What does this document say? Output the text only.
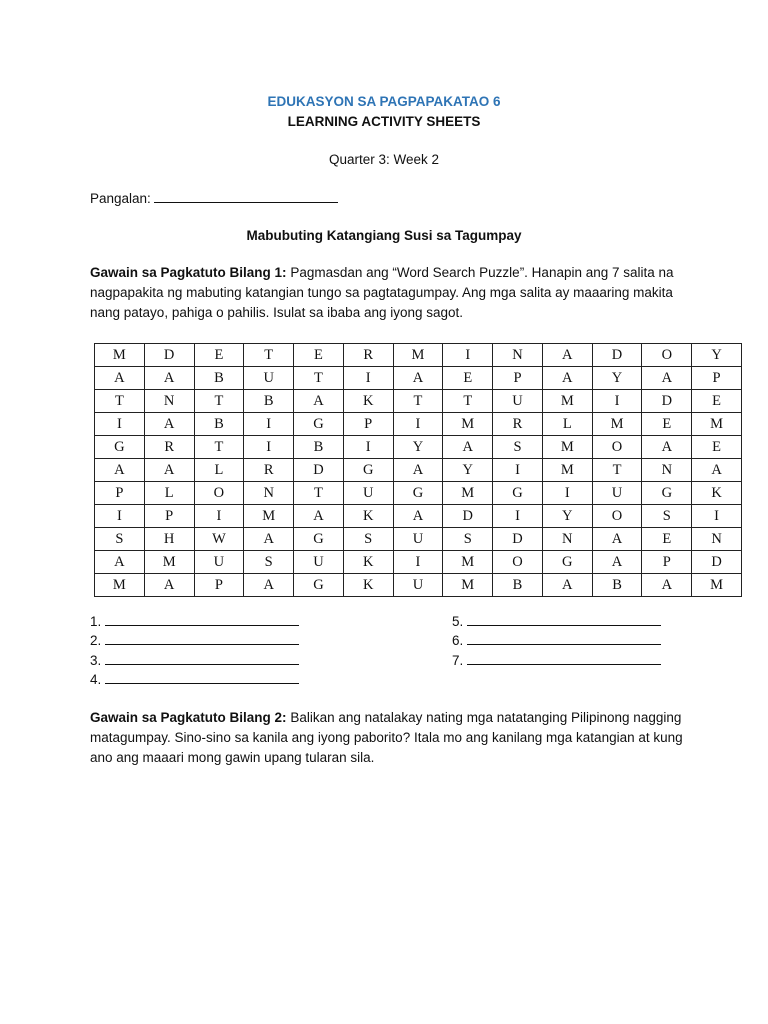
EDUKASYON SA PAGPAPAKATAO 6
LEARNING ACTIVITY SHEETS
Quarter 3: Week 2
Pangalan:
Mabubuting Katangiang Susi sa Tagumpay
Gawain sa Pagkatuto Bilang 1: Pagmasdan ang “Word Search Puzzle”. Hanapin ang 7 salita na nagpapakita ng mabuting katangian tungo sa pagtatagumpay. Ang mga salita ay maaaring makita nang patayo, pahiga o pahilis. Isulat sa ibaba ang iyong sagot.
M	D	E	T	E	R	M	I	N	A	D	O	Y
A	A	B	U	T	I	A	E	P	A	Y	A	P
T	N	T	B	A	K	T	T	U	M	I	D	E
I	A	B	I	G	P	I	M	R	L	M	E	M
G	R	T	I	B	I	Y	A	S	M	O	A	E
A	A	L	R	D	G	A	Y	I	M	T	N	A
P	L	O	N	T	U	G	M	G	I	U	G	K
I	P	I	M	A	K	A	D	I	Y	O	S	I
S	H	W	A	G	S	U	S	D	N	A	E	N
A	M	U	S	U	K	I	M	O	G	A	P	D
M	A	P	A	G	K	U	M	B	A	B	A	M
1.
2.
3.
4.
5.
6.
7.
Gawain sa Pagkatuto Bilang 2: Balikan ang natalakay nating mga natatanging Pilipinong nagging matagumpay. Sino-sino sa kanila ang iyong paborito? Itala mo ang kanilang mga katangian at kung ano ang maaari mong gawin upang tularan sila.
